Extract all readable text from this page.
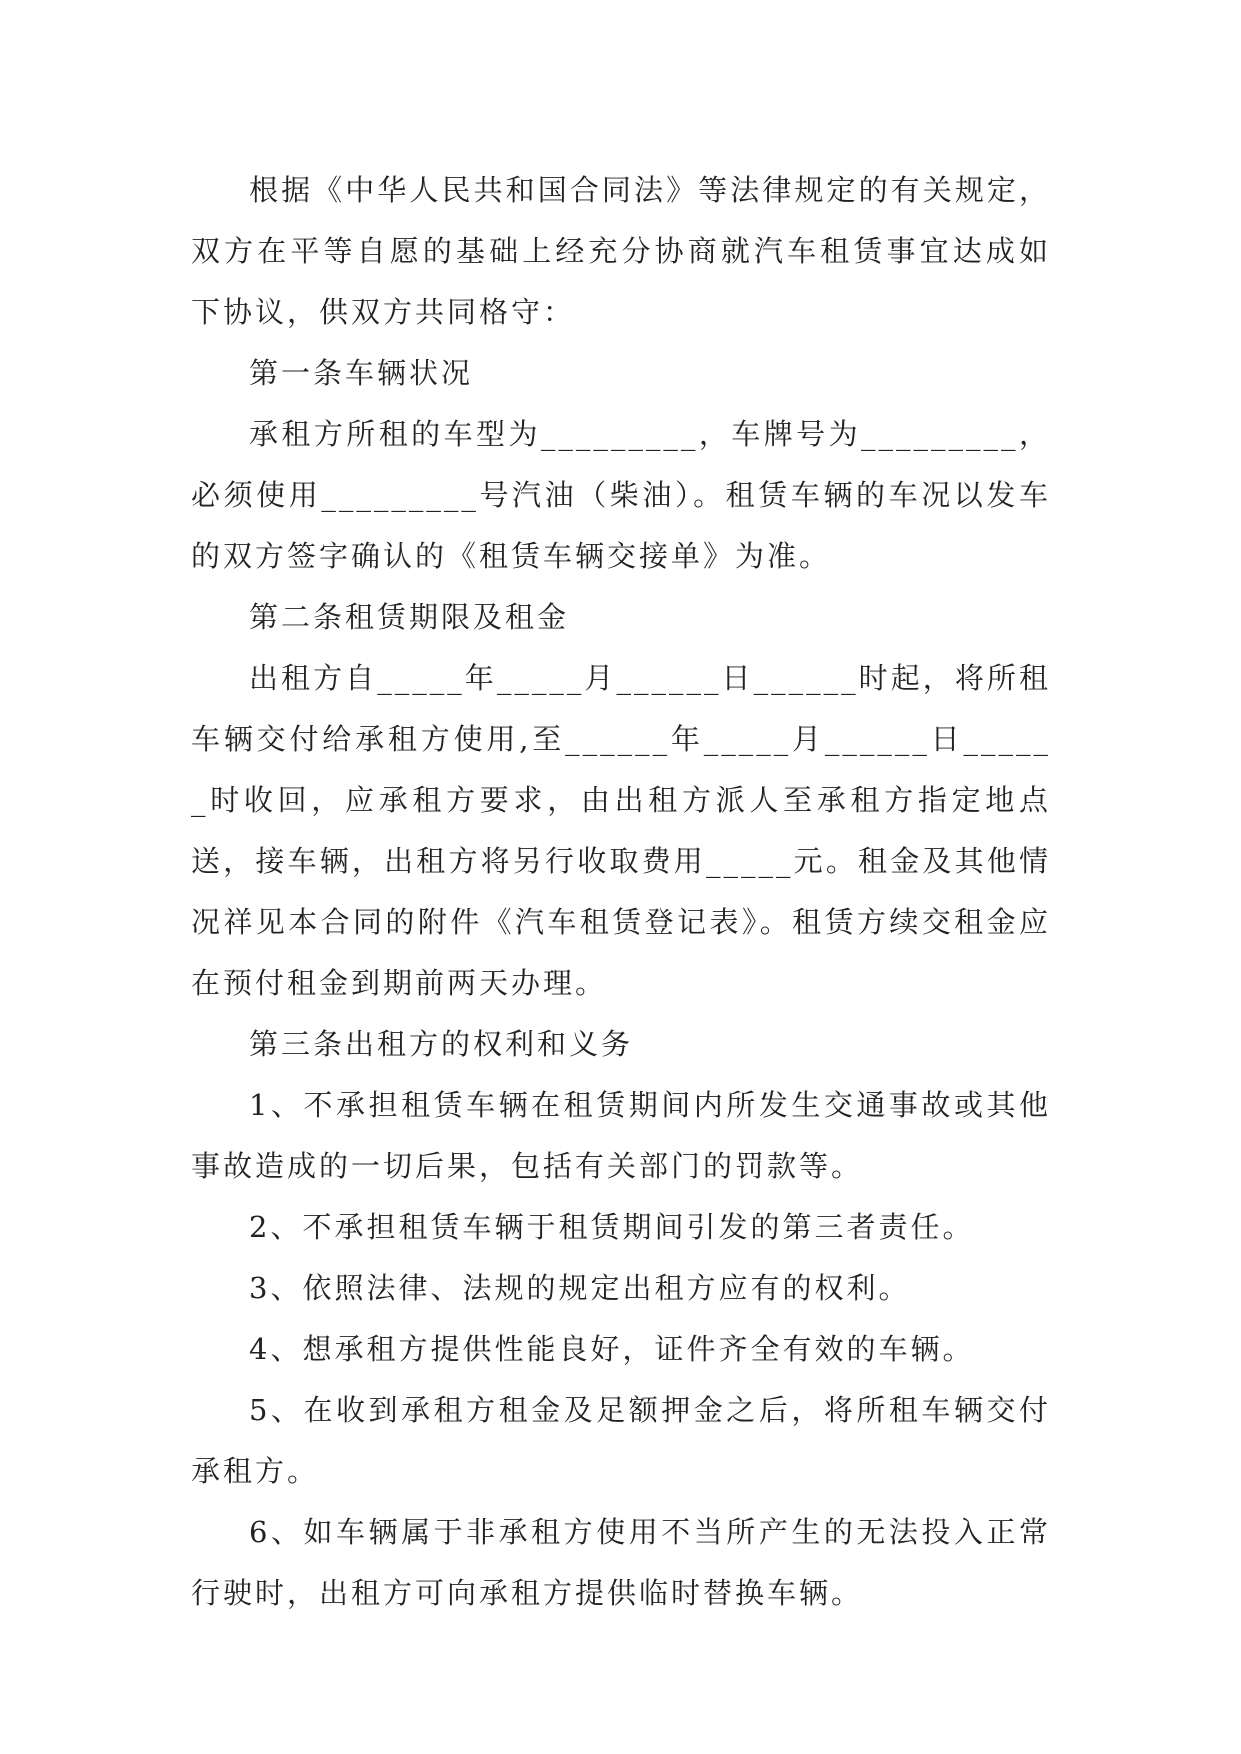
根据《中华人民共和国合同法》等法律规定的有关规定，双方在平等自愿的基础上经充分协商就汽车租赁事宜达成如下协议，供双方共同格守：

第一条车辆状况

承租方所租的车型为_________，车牌号为_________，必须使用_________号汽油（柴油）。租赁车辆的车况以发车的双方签字确认的《租赁车辆交接单》为准。

第二条租赁期限及租金

出租方自_____年_____月______日______时起，将所租车辆交付给承租方使用,至______年_____月______日______时收回，应承租方要求，由出租方派人至承租方指定地点送，接车辆，出租方将另行收取费用_____元。租金及其他情况祥见本合同的附件《汽车租赁登记表》。租赁方续交租金应在预付租金到期前两天办理。

第三条出租方的权利和义务

1、不承担租赁车辆在租赁期间内所发生交通事故或其他事故造成的一切后果，包括有关部门的罚款等。

2、不承担租赁车辆于租赁期间引发的第三者责任。

3、依照法律、法规的规定出租方应有的权利。

4、想承租方提供性能良好，证件齐全有效的车辆。

5、在收到承租方租金及足额押金之后，将所租车辆交付承租方。

6、如车辆属于非承租方使用不当所产生的无法投入正常行驶时，出租方可向承租方提供临时替换车辆。
